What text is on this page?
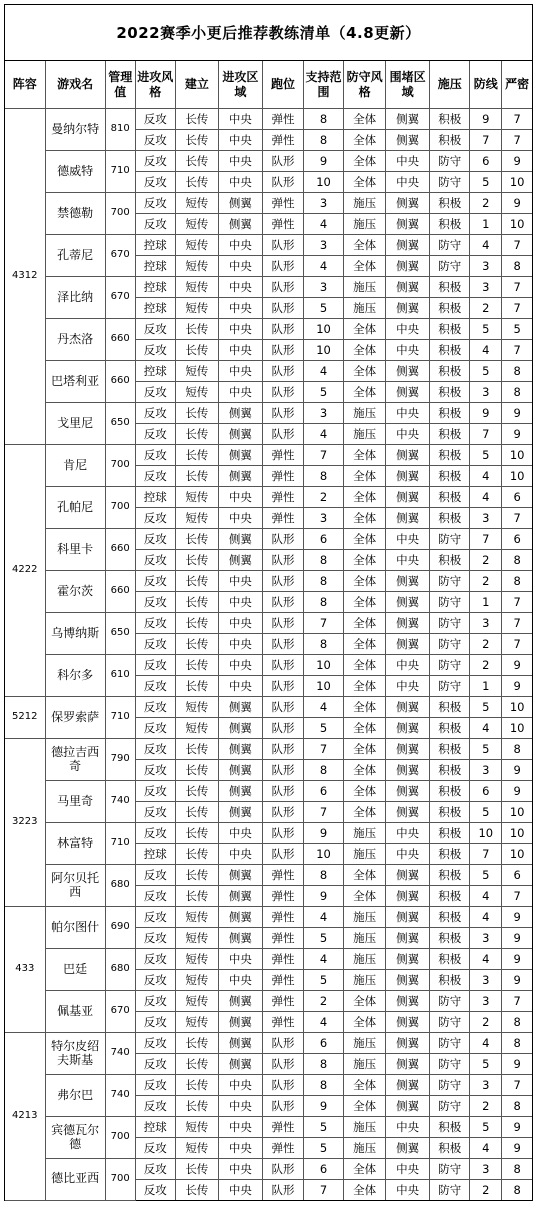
2022赛季小更后推荐教练清单（4.8更新）
阵容	游戏名	管理值	进攻风格	建立	进攻区域	跑位	支持范围	防守风格	围堵区域	施压	防线	严密
4312	曼纳尔特	810	反攻	长传	中央	弹性	8	全体	侧翼	积极	9	7
			反攻	长传	中央	弹性	8	全体	侧翼	积极	7	7
	德威特	710	反攻	长传	中央	队形	9	全体	中央	防守	6	9
			反攻	长传	中央	队形	10	全体	中央	防守	5	10
	禁德勒	700	反攻	短传	侧翼	弹性	3	施压	侧翼	积极	2	9
			反攻	短传	侧翼	弹性	4	施压	侧翼	积极	1	10
	孔蒂尼	670	控球	短传	中央	队形	3	全体	侧翼	防守	4	7
			控球	短传	中央	队形	4	全体	侧翼	防守	3	8
	泽比纳	670	控球	短传	中央	队形	3	施压	侧翼	积极	3	7
			控球	短传	中央	队形	5	施压	侧翼	积极	2	7
	丹杰洛	660	反攻	长传	中央	队形	10	全体	中央	积极	5	5
			反攻	长传	中央	队形	10	全体	中央	积极	4	7
	巴塔利亚	660	控球	短传	中央	队形	4	全体	侧翼	积极	5	8
			反攻	短传	中央	队形	5	全体	侧翼	积极	3	8
	戈里尼	650	反攻	长传	侧翼	队形	3	施压	中央	积极	9	9
			反攻	长传	侧翼	队形	4	施压	中央	积极	7	9
4222	肯尼	700	反攻	长传	侧翼	弹性	7	全体	侧翼	积极	5	10
			反攻	长传	侧翼	弹性	8	全体	侧翼	积极	4	10
	孔帕尼	700	控球	短传	中央	弹性	2	全体	侧翼	积极	4	6
			反攻	短传	中央	弹性	3	全体	侧翼	积极	3	7
	科里卡	660	反攻	长传	侧翼	队形	6	全体	中央	防守	7	6
			反攻	长传	侧翼	队形	8	全体	中央	积极	2	8
	霍尔茨	660	反攻	长传	中央	队形	8	全体	侧翼	防守	2	8
			反攻	长传	中央	队形	8	全体	侧翼	防守	1	7
	乌博纳斯	650	反攻	长传	中央	队形	7	全体	侧翼	防守	3	7
			反攻	长传	中央	队形	8	全体	侧翼	防守	2	7
	科尔多	610	反攻	长传	中央	队形	10	全体	中央	防守	2	9
			反攻	长传	中央	队形	10	全体	中央	防守	1	9
5212	保罗索萨	710	反攻	短传	侧翼	队形	4	全体	侧翼	积极	5	10
			反攻	短传	侧翼	队形	5	全体	侧翼	积极	4	10
3223	德拉吉西奇	790	反攻	长传	侧翼	队形	7	全体	侧翼	积极	5	8
			反攻	长传	侧翼	队形	8	全体	侧翼	积极	3	9
	马里奇	740	反攻	长传	侧翼	队形	6	全体	侧翼	积极	6	9
			反攻	长传	侧翼	队形	7	全体	侧翼	积极	5	10
	林富特	710	反攻	长传	中央	队形	9	施压	中央	积极	10	10
			控球	长传	中央	队形	10	施压	中央	积极	7	10
	阿尔贝托西	680	反攻	长传	侧翼	弹性	8	全体	侧翼	积极	5	6
			反攻	长传	侧翼	弹性	9	全体	侧翼	积极	4	7
433	帕尔图什	690	反攻	短传	侧翼	弹性	4	施压	侧翼	积极	4	9
			反攻	短传	侧翼	弹性	5	施压	侧翼	积极	3	9
	巴廷	680	反攻	短传	中央	弹性	4	施压	侧翼	积极	4	9
			反攻	短传	中央	弹性	5	施压	侧翼	积极	3	9
	佩基亚	670	反攻	短传	侧翼	弹性	2	全体	侧翼	防守	3	7
			反攻	短传	侧翼	弹性	4	全体	侧翼	防守	2	8
4213	特尔皮绍夫斯基	740	反攻	长传	侧翼	队形	6	施压	侧翼	防守	4	8
			反攻	长传	侧翼	队形	8	施压	侧翼	防守	5	9
	弗尔巴	740	反攻	长传	中央	队形	8	全体	侧翼	防守	3	7
			反攻	长传	中央	队形	9	全体	侧翼	防守	2	8
	宾德瓦尔德	700	控球	短传	中央	弹性	5	施压	中央	积极	5	9
			反攻	短传	中央	弹性	5	施压	侧翼	积极	4	9
	德比亚西	700	反攻	长传	中央	队形	6	全体	中央	防守	3	8
			反攻	长传	中央	队形	7	全体	中央	防守	2	8
